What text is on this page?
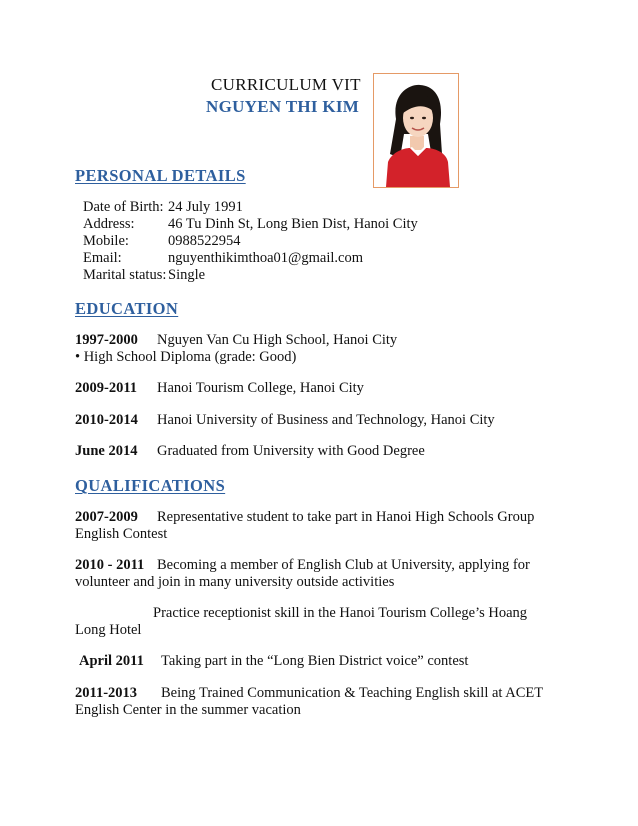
CURRICULUM VIT
NGUYEN THI KIM
PERSONAL DETAILS
Date of Birth: 24 July 1991
Address: 46 Tu Dinh St, Long Bien Dist, Hanoi City
Mobile:	0988522954
Email:	nguyenthikimthoa01@gmail.com
Marital status: Single
EDUCATION
1997-2000 Nguyen Van Cu High School, Hanoi City
• High School Diploma (grade: Good)
2009-2011 Hanoi Tourism College, Hanoi City
2010-2014 Hanoi University of Business and Technology, Hanoi City
June 2014 Graduated from University with Good Degree
QUALIFICATIONS
2007-2009 Representative student to take part in Hanoi High Schools Group
English Contest
2010 - 2011 Becoming a member of English Club at University, applying for
volunteer and join in many university outside activities
Practice receptionist skill in the Hanoi Tourism College’s Hoang
Long Hotel
April 2011 Taking part in the “Long Bien District voice” contest
2011-2013 Being Trained Communication & Teaching English skill at ACET
English Center in the summer vacation
